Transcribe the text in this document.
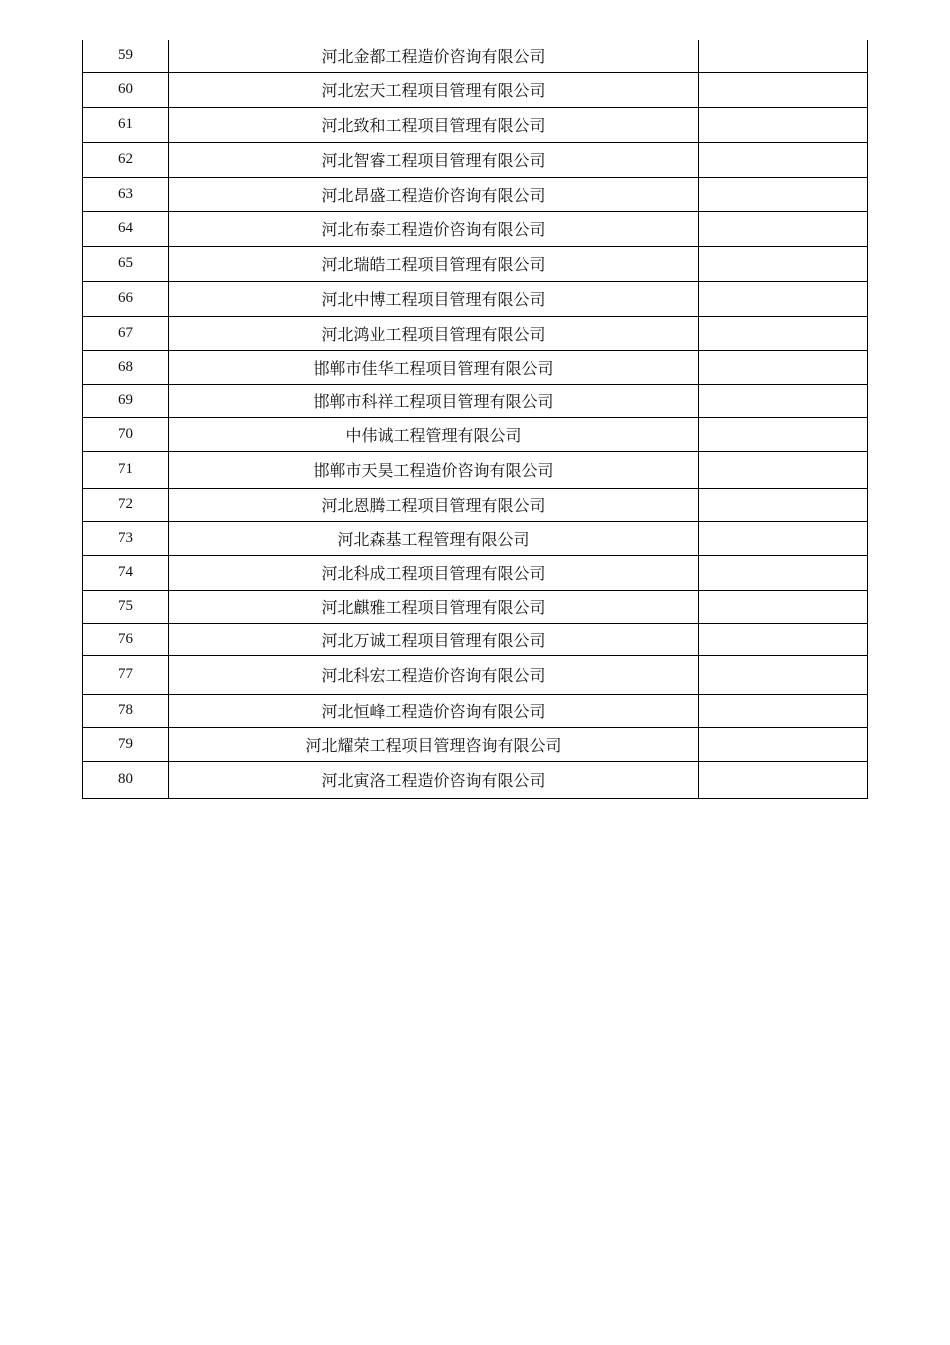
59	河北金都工程造价咨询有限公司	
60	河北宏天工程项目管理有限公司	
61	河北致和工程项目管理有限公司	
62	河北智睿工程项目管理有限公司	
63	河北昂盛工程造价咨询有限公司	
64	河北布泰工程造价咨询有限公司	
65	河北瑞皓工程项目管理有限公司	
66	河北中博工程项目管理有限公司	
67	河北鸿业工程项目管理有限公司	
68	邯郸市佳华工程项目管理有限公司	
69	邯郸市科祥工程项目管理有限公司	
70	中伟诚工程管理有限公司	
71	邯郸市天昊工程造价咨询有限公司	
72	河北恩腾工程项目管理有限公司	
73	河北森基工程管理有限公司	
74	河北科成工程项目管理有限公司	
75	河北麒雅工程项目管理有限公司	
76	河北万诚工程项目管理有限公司	
77	河北科宏工程造价咨询有限公司	
78	河北恒峰工程造价咨询有限公司	
79	河北耀荣工程项目管理咨询有限公司	
80	河北寅洛工程造价咨询有限公司	
